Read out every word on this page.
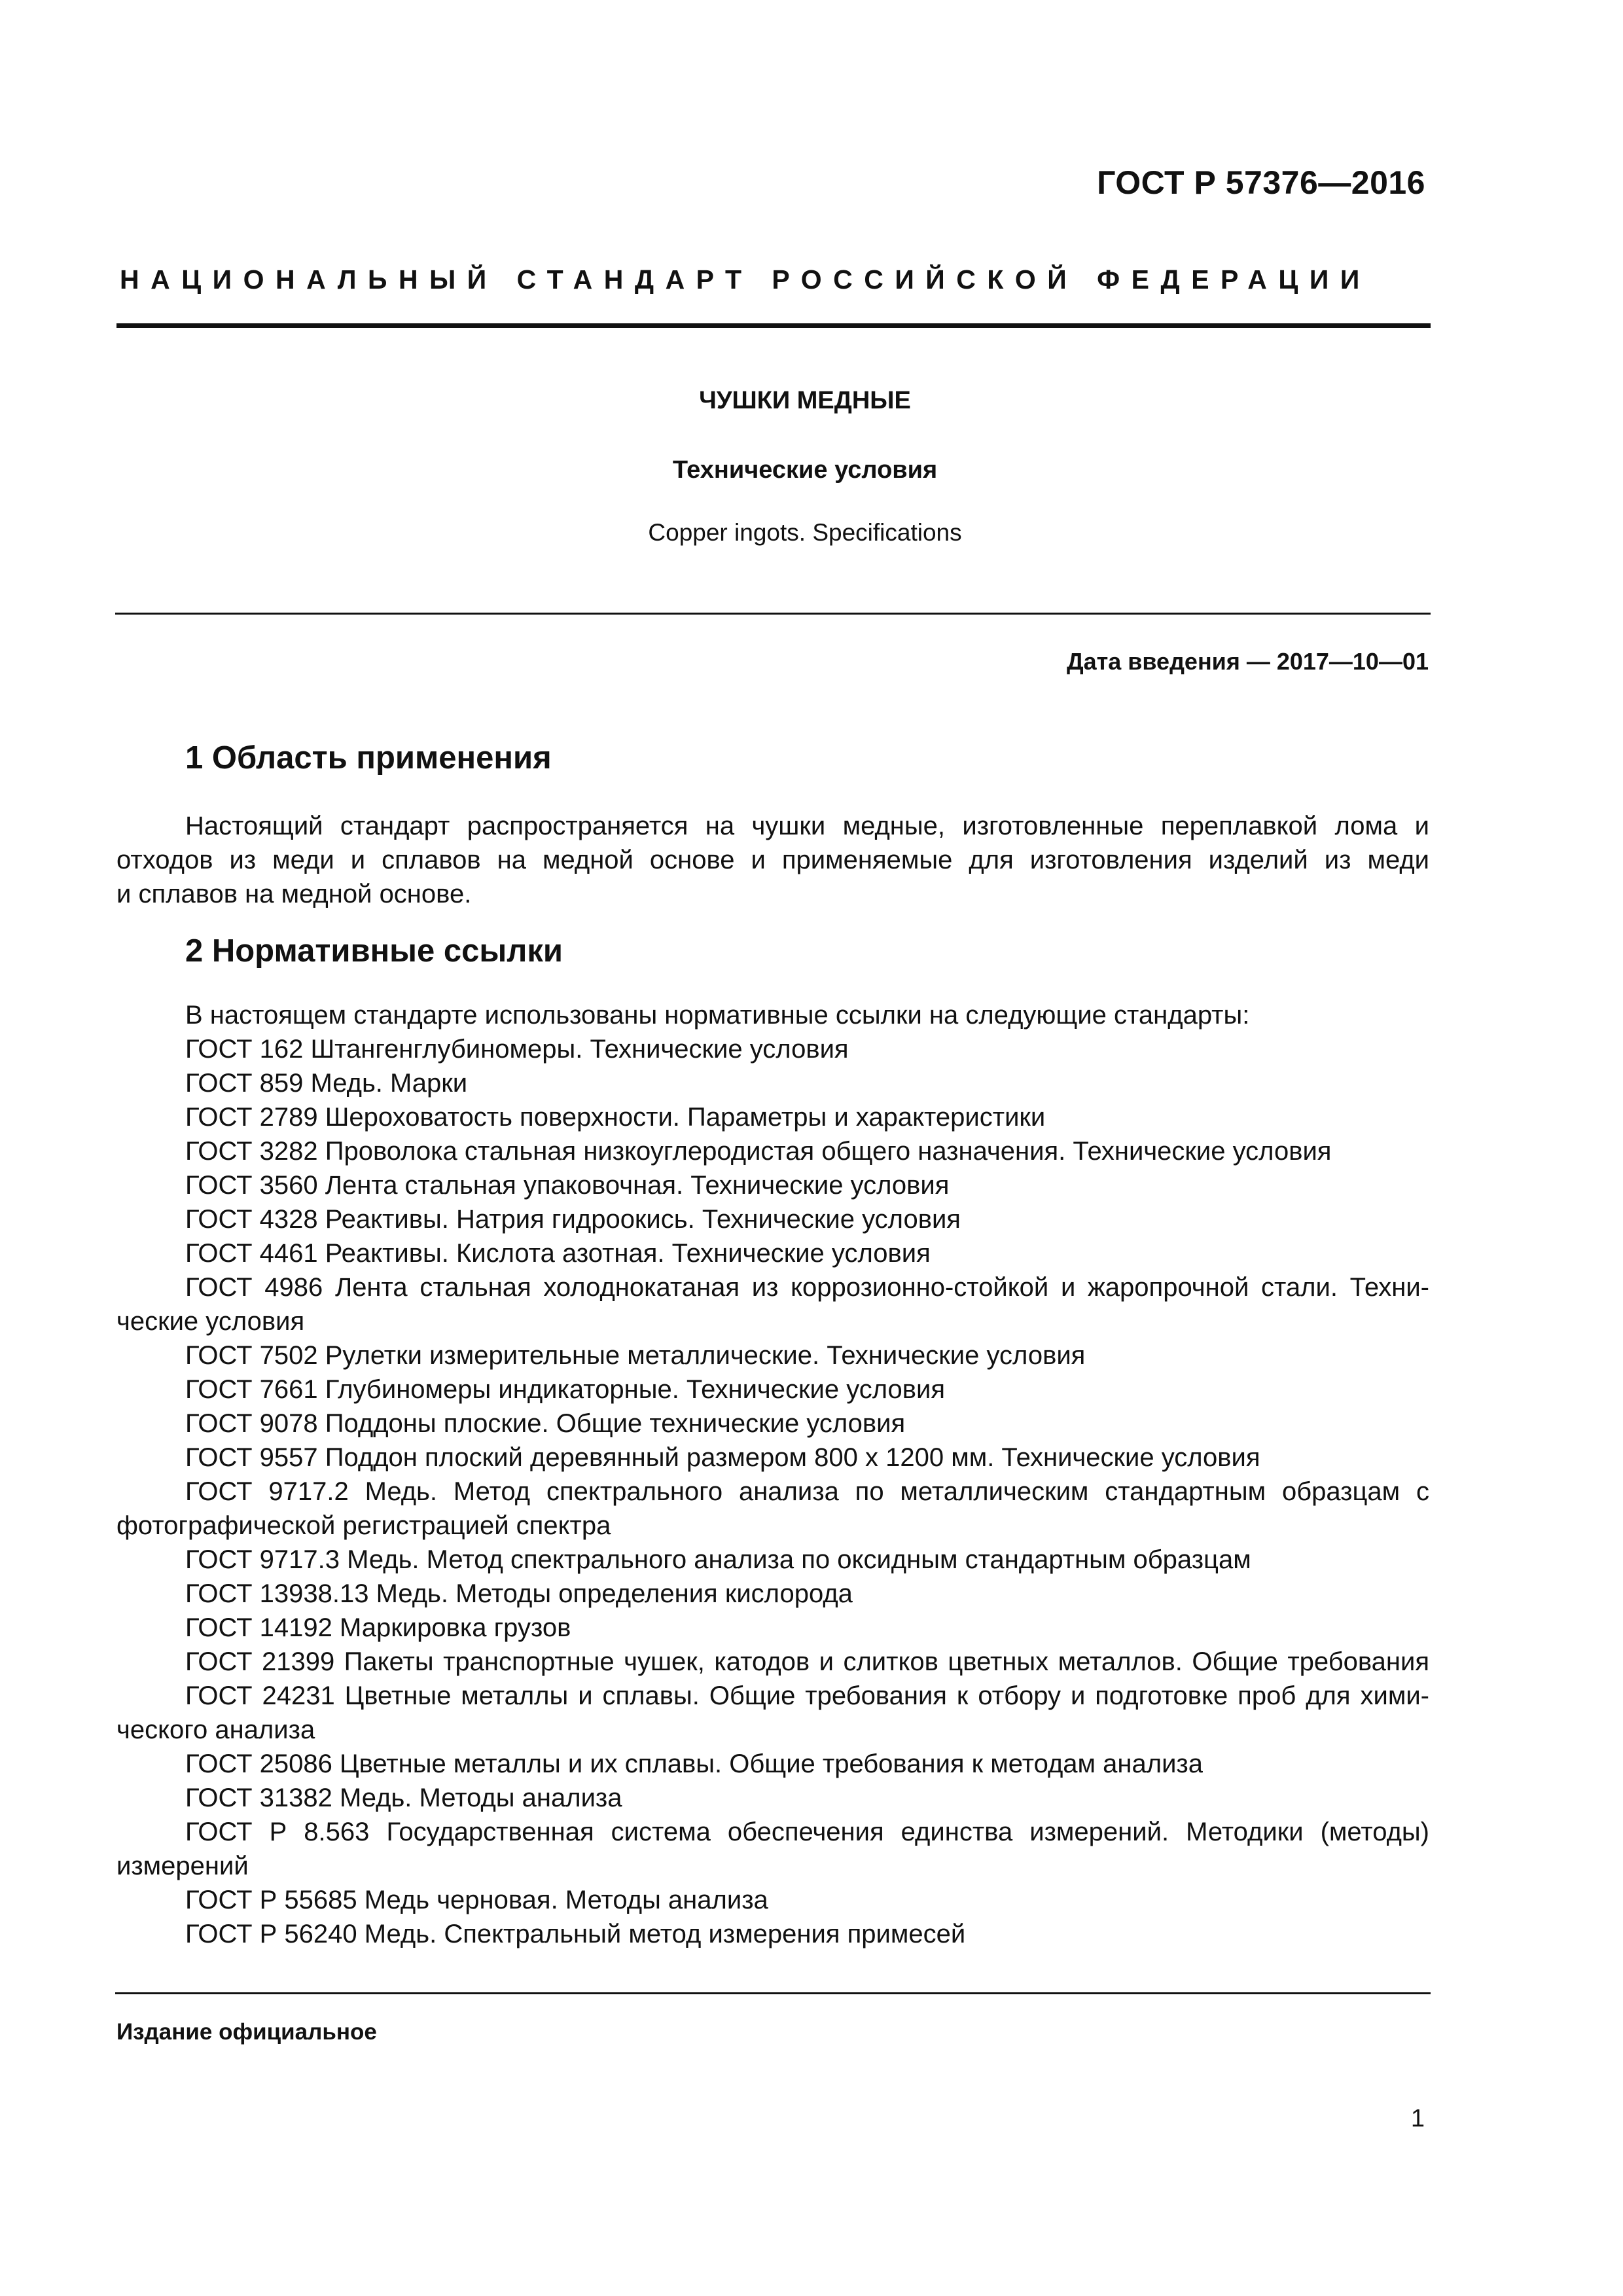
ГОСТ Р 57376—2016
НАЦИОНАЛЬНЫЙ СТАНДАРТ РОССИЙСКОЙ ФЕДЕРАЦИИ
ЧУШКИ МЕДНЫЕ
Технические условия
Copper ingots. Specifications
Дата введения — 2017—10—01
1 Область применения
Настоящий стандарт распространяется на чушки медные, изготовленные переплавкой лома и
отходов из меди и сплавов на медной основе и применяемые для изготовления изделий из меди
и сплавов на медной основе.
2 Нормативные ссылки
В настоящем стандарте использованы нормативные ссылки на следующие стандарты:
ГОСТ 162 Штангенглубиномеры. Технические условия
ГОСТ 859 Медь. Марки
ГОСТ 2789 Шероховатость поверхности. Параметры и характеристики
ГОСТ 3282 Проволока стальная низкоуглеродистая общего назначения. Технические условия
ГОСТ 3560 Лента стальная упаковочная. Технические условия
ГОСТ 4328 Реактивы. Натрия гидроокись. Технические условия
ГОСТ 4461 Реактивы. Кислота азотная. Технические условия
ГОСТ 4986 Лента стальная холоднокатаная из коррозионно-стойкой и жаропрочной стали. Техни-
ческие условия
ГОСТ 7502 Рулетки измерительные металлические. Технические условия
ГОСТ 7661 Глубиномеры индикаторные. Технические условия
ГОСТ 9078 Поддоны плоские. Общие технические условия
ГОСТ 9557 Поддон плоский деревянный размером 800 х 1200 мм. Технические условия
ГОСТ 9717.2 Медь. Метод спектрального анализа по металлическим стандартным образцам с
фотографической регистрацией спектра
ГОСТ 9717.3 Медь. Метод спектрального анализа по оксидным стандартным образцам
ГОСТ 13938.13 Медь. Методы определения кислорода
ГОСТ 14192 Маркировка грузов
ГОСТ 21399 Пакеты транспортные чушек, катодов и слитков цветных металлов. Общие требования
ГОСТ 24231 Цветные металлы и сплавы. Общие требования к отбору и подготовке проб для хими-
ческого анализа
ГОСТ 25086 Цветные металлы и их сплавы. Общие требования к методам анализа
ГОСТ 31382 Медь. Методы анализа
ГОСТ Р 8.563 Государственная система обеспечения единства измерений. Методики (методы)
измерений
ГОСТ Р 55685 Медь черновая. Методы анализа
ГОСТ Р 56240 Медь. Спектральный метод измерения примесей
Издание официальное
1
